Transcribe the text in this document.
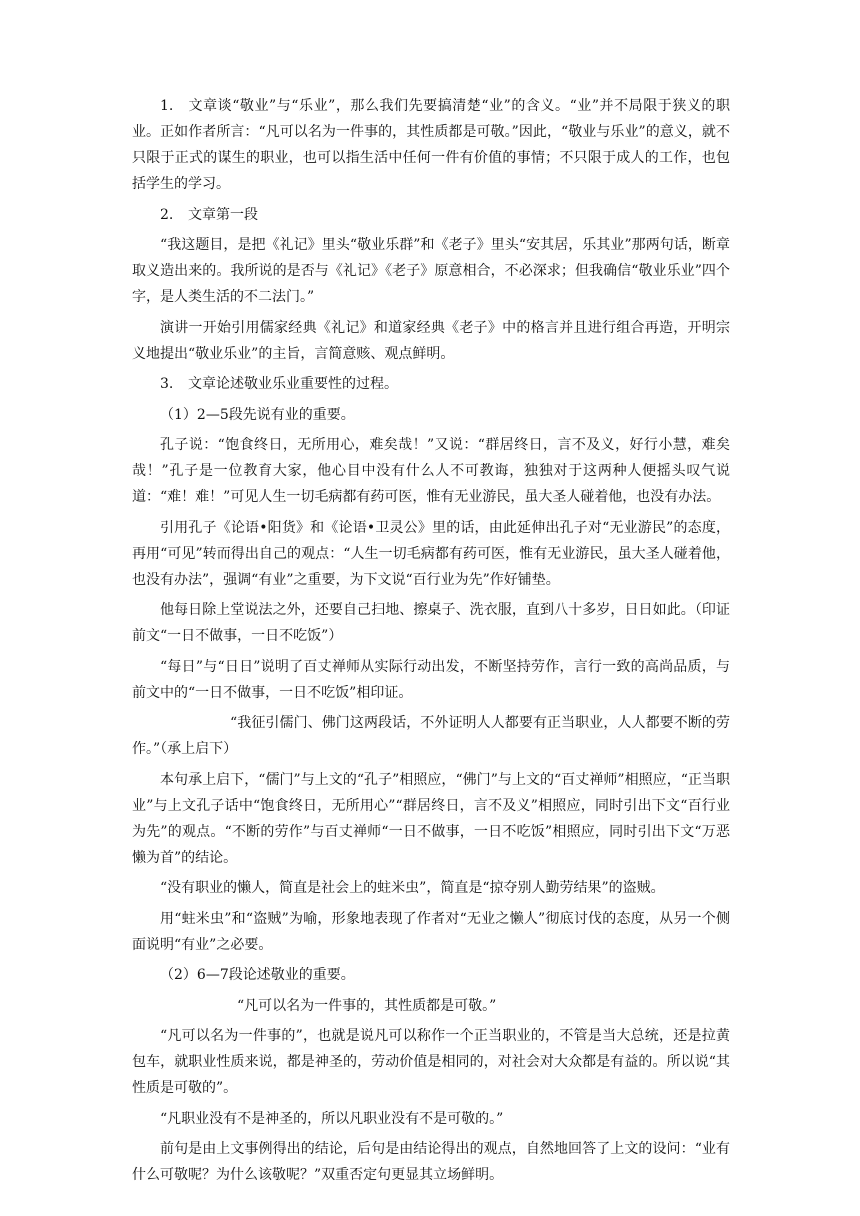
1. 文章谈“敬业”与“乐业”，那么我们先要搞清楚“业”的含义。“业”并不局限于狭义的职业。正如作者所言：“凡可以名为一件事的，其性质都是可敬。”因此，“敬业与乐业”的意义，就不只限于正式的谋生的职业，也可以指生活中任何一件有价值的事情；不只限于成人的工作，也包括学生的学习。

2. 文章第一段

“我这题目，是把《礼记》里头“敬业乐群”和《老子》里头“安其居，乐其业”那两句话，断章取义造出来的。我所说的是否与《礼记》《老子》原意相合，不必深求；但我确信“敬业乐业”四个字，是人类生活的不二法门。”

演讲一开始引用儒家经典《礼记》和道家经典《老子》中的格言并且进行组合再造，开明宗义地提出“敬业乐业”的主旨，言简意赅、观点鲜明。

3. 文章论述敬业乐业重要性的过程。

（1）2—5段先说有业的重要。

孔子说：“饱食终日，无所用心，难矣哉！”又说：“群居终日，言不及义，好行小慧，难矣哉！”孔子是一位教育大家，他心目中没有什么人不可教诲，独独对于这两种人便摇头叹气说道：“难！难！”可见人生一切毛病都有药可医，惟有无业游民，虽大圣人碰着他，也没有办法。

引用孔子《论语•阳货》和《论语•卫灵公》里的话，由此延伸出孔子对“无业游民”的态度，再用“可见”转而得出自己的观点：“人生一切毛病都有药可医，惟有无业游民，虽大圣人碰着他，也没有办法”，强调“有业”之重要，为下文说“百行业为先”作好铺垫。

他每日除上堂说法之外，还要自己扫地、擦桌子、洗衣服，直到八十多岁，日日如此。（印证前文“一日不做事，一日不吃饭”）

“每日”与“日日”说明了百丈禅师从实际行动出发，不断坚持劳作，言行一致的高尚品质，与前文中的“一日不做事，一日不吃饭”相印证。

“我征引儒门、佛门这两段话，不外证明人人都要有正当职业，人人都要不断的劳作。”（承上启下）

本句承上启下，“儒门”与上文的“孔子”相照应，“佛门”与上文的“百丈禅师”相照应，“正当职业”与上文孔子话中“饱食终日，无所用心”“群居终日，言不及义”相照应，同时引出下文“百行业为先”的观点。“不断的劳作”与百丈禅师“一日不做事，一日不吃饭”相照应，同时引出下文“万恶懒为首”的结论。

“没有职业的懒人，简直是社会上的蛀米虫”，简直是“掠夺别人勤劳结果”的盗贼。

用“蛀米虫”和“盗贼”为喻，形象地表现了作者对“无业之懒人”彻底讨伐的态度，从另一个侧面说明“有业”之必要。

（2）6—7段论述敬业的重要。

“凡可以名为一件事的，其性质都是可敬。”

“凡可以名为一件事的”，也就是说凡可以称作一个正当职业的，不管是当大总统，还是拉黄包车，就职业性质来说，都是神圣的，劳动价值是相同的，对社会对大众都是有益的。所以说“其性质是可敬的”。

“凡职业没有不是神圣的，所以凡职业没有不是可敬的。”

前句是由上文事例得出的结论，后句是由结论得出的观点，自然地回答了上文的设问：“业有什么可敬呢？为什么该敬呢？”双重否定句更显其立场鲜明。
